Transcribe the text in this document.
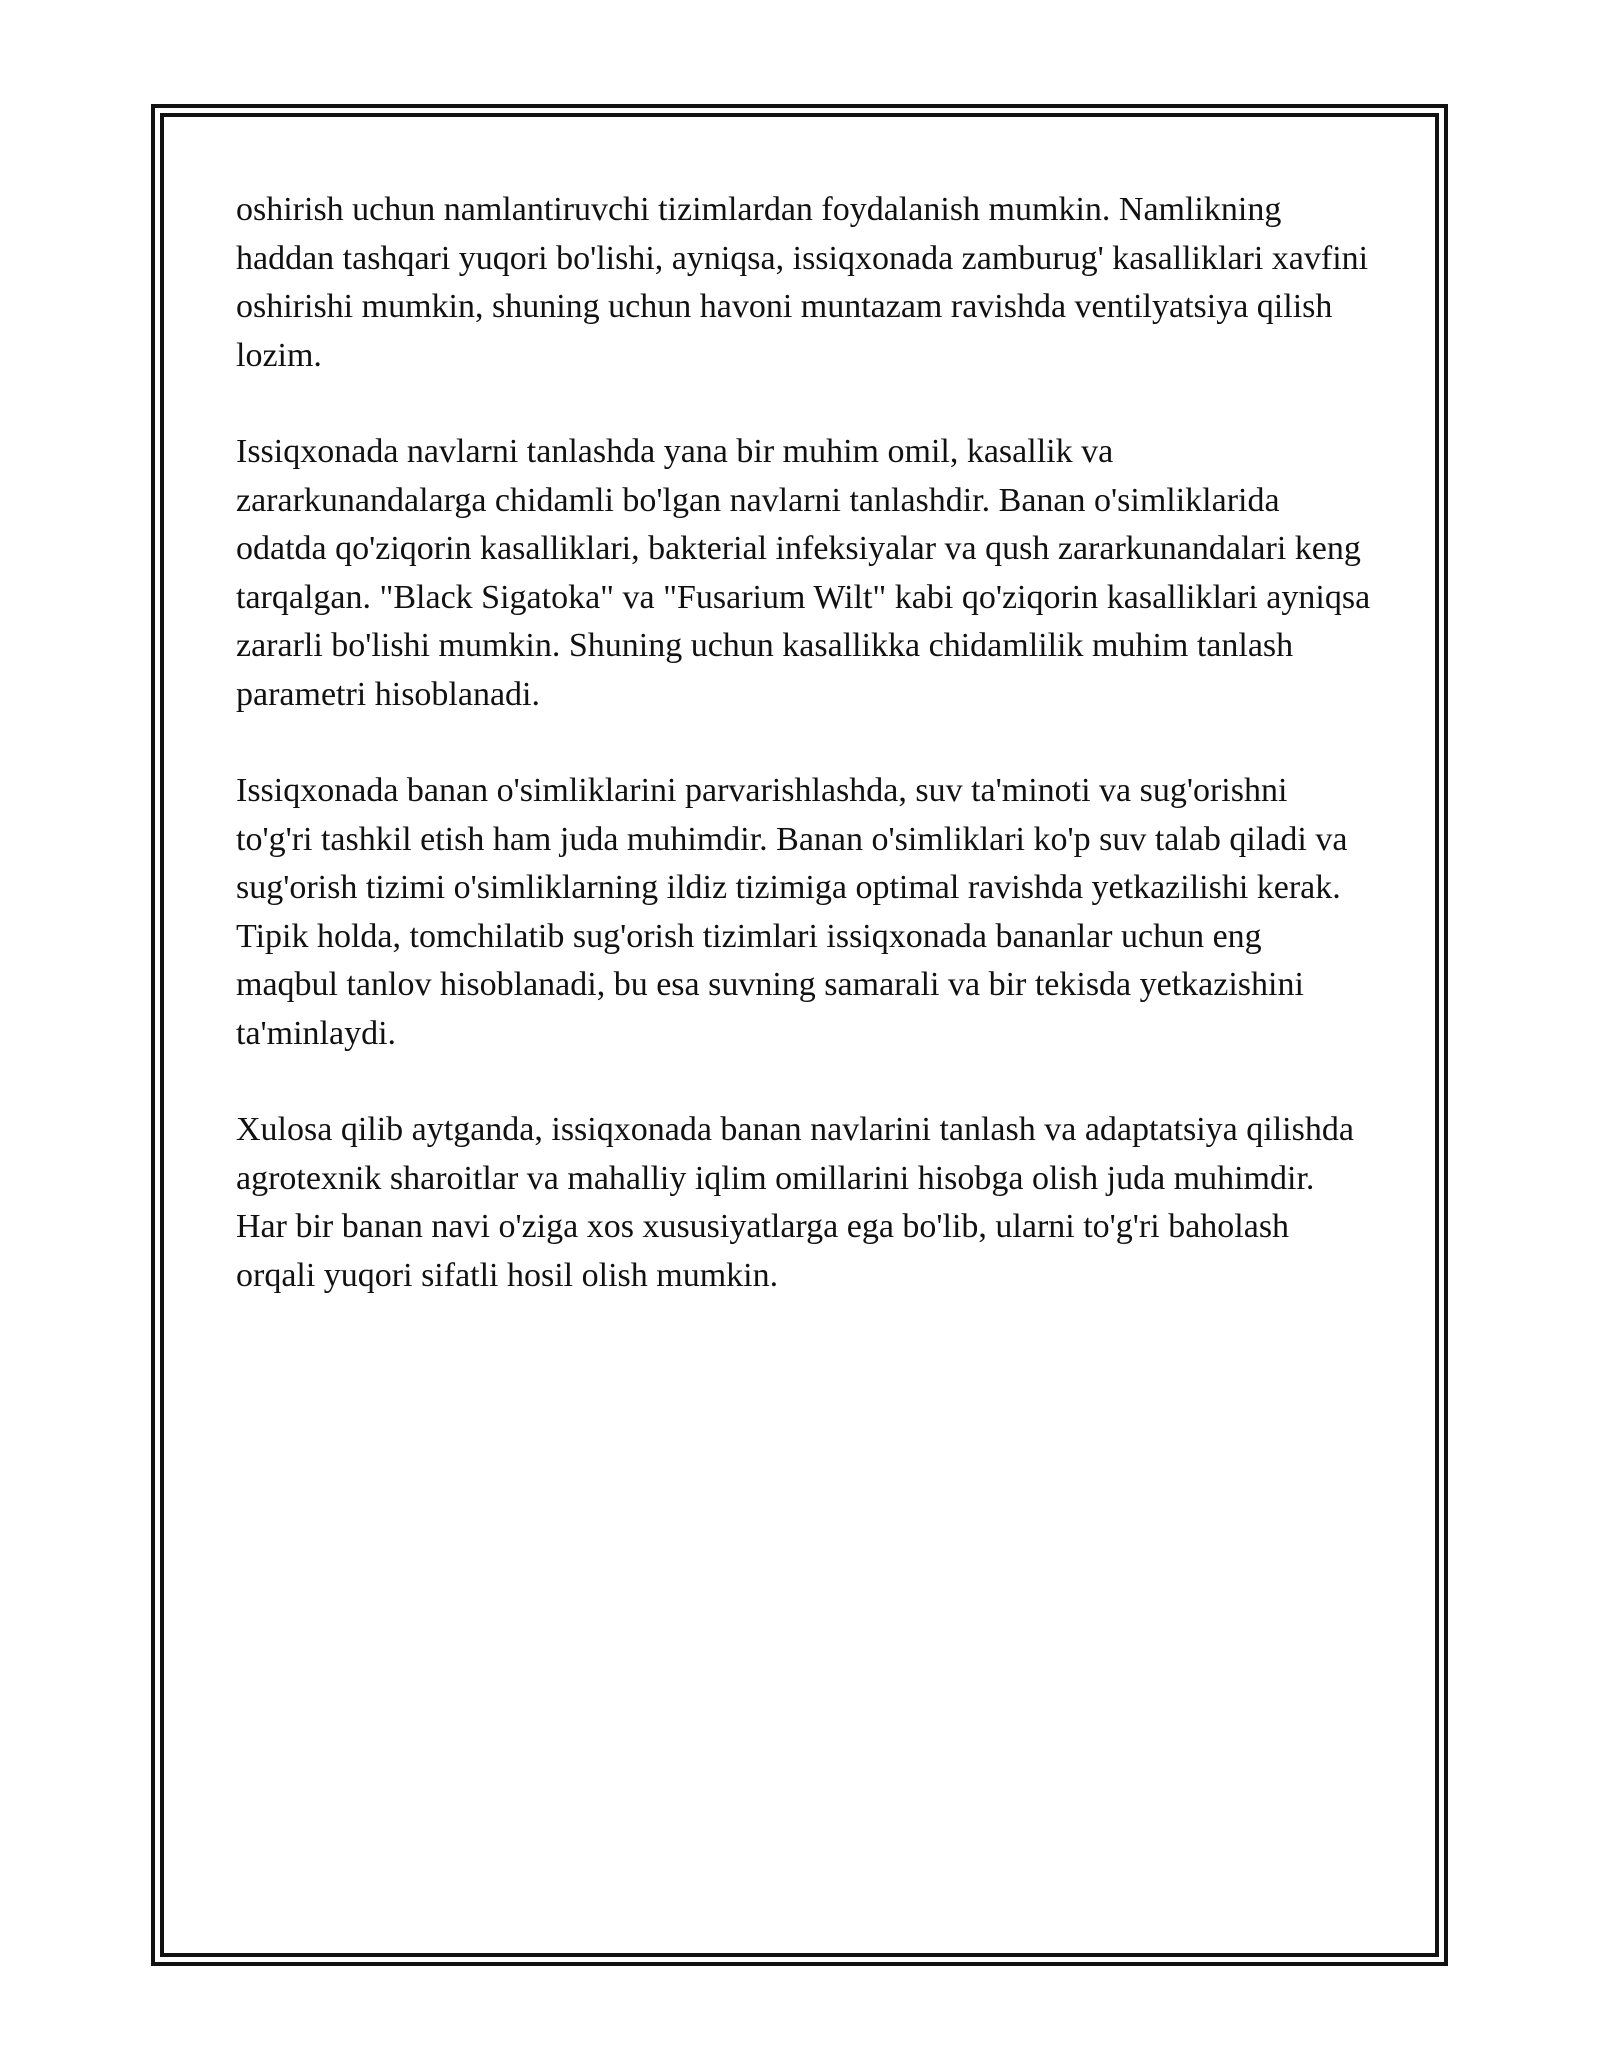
oshirish uchun namlantiruvchi tizimlardan foydalanish mumkin. Namlikning haddan tashqari yuqori bo'lishi, ayniqsa, issiqxonada zamburug' kasalliklari xavfini oshirishi mumkin, shuning uchun havoni muntazam ravishda ventilyatsiya qilish lozim.

Issiqxonada navlarni tanlashda yana bir muhim omil, kasallik va zararkunandalarga chidamli bo'lgan navlarni tanlashdir. Banan o'simliklarida odatda qo'ziqorin kasalliklari, bakterial infeksiyalar va qush zararkunandalari keng tarqalgan. "Black Sigatoka" va "Fusarium Wilt" kabi qo'ziqorin kasalliklari ayniqsa zararli bo'lishi mumkin. Shuning uchun kasallikka chidamlilik muhim tanlash parametri hisoblanadi.

Issiqxonada banan o'simliklarini parvarishlashda, suv ta'minoti va sug'orishni to'g'ri tashkil etish ham juda muhimdir. Banan o'simliklari ko'p suv talab qiladi va sug'orish tizimi o'simliklarning ildiz tizimiga optimal ravishda yetkazilishi kerak. Tipik holda, tomchilatib sug'orish tizimlari issiqxonada bananlar uchun eng maqbul tanlov hisoblanadi, bu esa suvning samarali va bir tekisda yetkazishini ta'minlaydi.

Xulosa qilib aytganda, issiqxonada banan navlarini tanlash va adaptatsiya qilishda agrotexnik sharoitlar va mahalliy iqlim omillarini hisobga olish juda muhimdir. Har bir banan navi o'ziga xos xususiyatlarga ega bo'lib, ularni to'g'ri baholash orqali yuqori sifatli hosil olish mumkin.
